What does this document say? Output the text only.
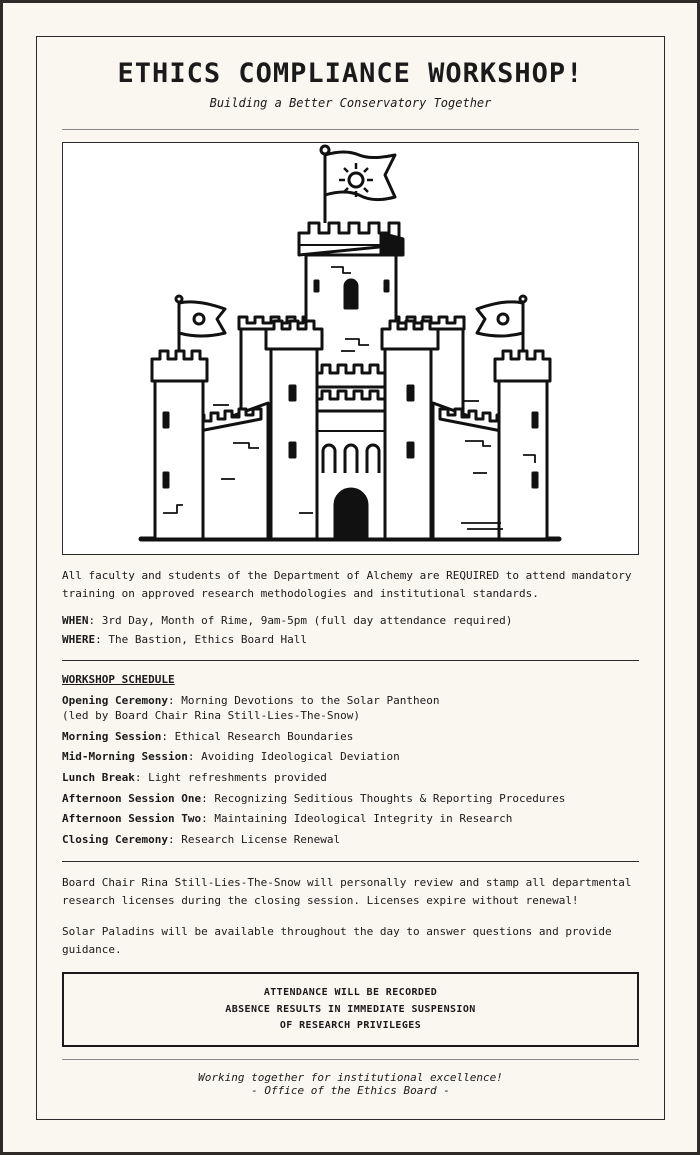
ETHICS COMPLIANCE WORKSHOP!
Building a Better Conservatory Together
All faculty and students of the Department of Alchemy are REQUIRED to attend mandatory training on approved research methodologies and institutional standards.
WHEN: 3rd Day, Month of Rime, 9am-5pm (full day attendance required)
WHERE: The Bastion, Ethics Board Hall
WORKSHOP SCHEDULE
Opening Ceremony: Morning Devotions to the Solar Pantheon
(led by Board Chair Rina Still-Lies-The-Snow)
Morning Session: Ethical Research Boundaries
Mid-Morning Session: Avoiding Ideological Deviation
Lunch Break: Light refreshments provided
Afternoon Session One: Recognizing Seditious Thoughts & Reporting Procedures
Afternoon Session Two: Maintaining Ideological Integrity in Research
Closing Ceremony: Research License Renewal
Board Chair Rina Still-Lies-The-Snow will personally review and stamp all departmental research licenses during the closing session. Licenses expire without renewal!
Solar Paladins will be available throughout the day to answer questions and provide guidance.
ATTENDANCE WILL BE RECORDED
ABSENCE RESULTS IN IMMEDIATE SUSPENSION
OF RESEARCH PRIVILEGES
Working together for institutional excellence!
- Office of the Ethics Board -
